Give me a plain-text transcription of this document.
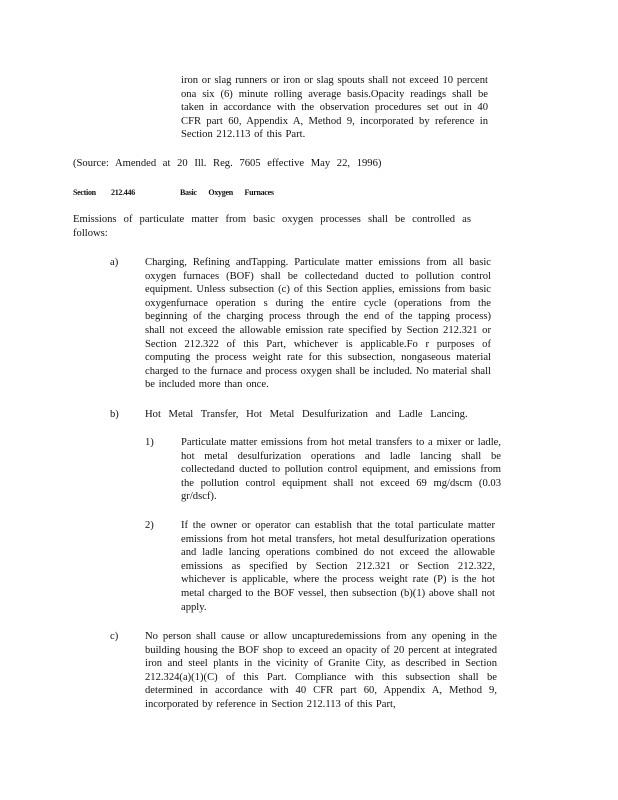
iron or slag runners or iron or slag spouts shall not exceed 10 percent ona six (6) minute rolling average basis.Opacity readings shall be taken in accordance with the observation procedures set out in 40 CFR part 60, Appendix A, Method 9, incorporated by reference in Section 212.113 of this Part.
(Source: Amended at 20 Ill. Reg. 7605 effective May 22, 1996)
Section 212.446	Basic Oxygen Furnaces
Emissions of particulate matter from basic oxygen processes shall be controlled as follows:
a)	Charging, Refining andTapping. Particulate matter emissions from all basic oxygen furnaces (BOF) shall be collectedand ducted to pollution control equipment. Unless subsection (c) of this Section applies, emissions from basic oxygenfurnace operation s during the entire cycle (operations from the beginning of the charging process through the end of the tapping process) shall not exceed the allowable emission rate specified by Section 212.321 or Section 212.322 of this Part, whichever is applicable.Fo r purposes of computing the process weight rate for this subsection, nongaseous material charged to the furnace and process oxygen shall be included. No material shall be included more than once.
b) Hot Metal Transfer, Hot Metal Desulfurization and Ladle Lancing.
1)	Particulate matter emissions from hot metal transfers to a mixer or ladle, hot metal desulfurization operations and ladle lancing shall be collectedand ducted to pollution control equipment, and emissions from the pollution control equipment shall not exceed 69 mg/dscm (0.03 gr/dscf).
2)	If the owner or operator can establish that the total particulate matter emissions from hot metal transfers, hot metal desulfurization operations and ladle lancing operations combined do not exceed the allowable emissions as specified by Section 212.321 or Section 212.322, whichever is applicable, where the process weight rate (P) is the hot metal charged to the BOF vessel, then subsection (b)(1) above shall not apply.
c)	No person shall cause or allow uncapturedemissions from any opening in the building housing the BOF shop to exceed an opacity of 20 percent at integrated iron and steel plants in the vicinity of Granite City, as described in Section 212.324(a)(1)(C) of this Part. Compliance with this subsection shall be determined in accordance with 40 CFR part 60, Appendix A, Method 9, incorporated by reference in Section 212.113 of this Part,
